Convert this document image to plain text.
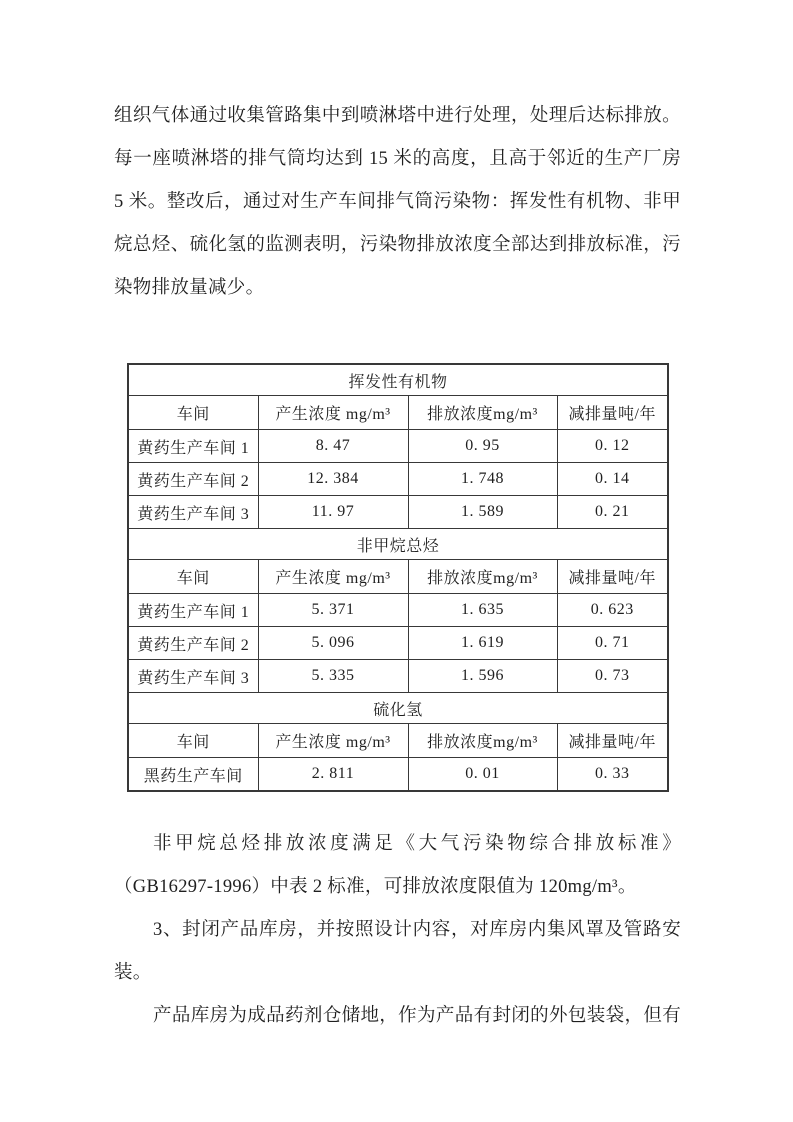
组织气体通过收集管路集中到喷淋塔中进行处理，处理后达标排放。
每一座喷淋塔的排气筒均达到 15 米的高度，且高于邻近的生产厂房
5 米。整改后，通过对生产车间排气筒污染物：挥发性有机物、非甲
烷总烃、硫化氢的监测表明，污染物排放浓度全部达到排放标准，污
染物排放量减少。
挥发性有机物			
车间	产生浓度 mg/m³	排放浓度mg/m³	减排量吨/年
黄药生产车间 1	8. 47	0. 95	0. 12
黄药生产车间 2	12. 384	1. 748	0. 14
黄药生产车间 3	11. 97	1. 589	0. 21
非甲烷总烃			
车间	产生浓度 mg/m³	排放浓度mg/m³	减排量吨/年
黄药生产车间 1	5. 371	1. 635	0. 623
黄药生产车间 2	5. 096	1. 619	0. 71
黄药生产车间 3	5. 335	1. 596	0. 73
硫化氢			
车间	产生浓度 mg/m³	排放浓度mg/m³	减排量吨/年
黑药生产车间	2. 811	0. 01	0. 33
非甲烷总烃排放浓度满足《大气污染物综合排放标准》
（GB16297-1996）中表 2 标准，可排放浓度限值为 120mg/m³。
3、封闭产品库房，并按照设计内容，对库房内集风罩及管路安
装。
产品库房为成品药剂仓储地，作为产品有封闭的外包装袋，但有
